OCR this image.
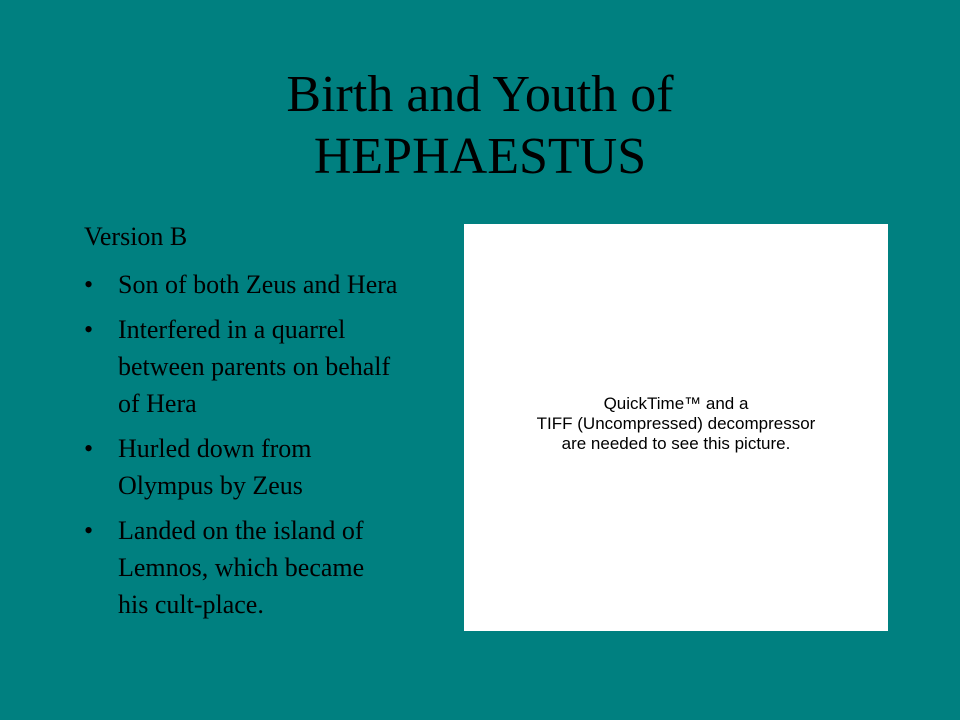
Birth and Youth of
HEPHAESTUS
Version B
• Son of both Zeus and Hera
• Interfered in a quarrel
between parents on behalf
of Hera
• Hurled down from
Olympus by Zeus
• Landed on the island of
Lemnos, which became
his cult-place.
QuickTime™ and a
TIFF (Uncompressed) decompressor
are needed to see this picture.
